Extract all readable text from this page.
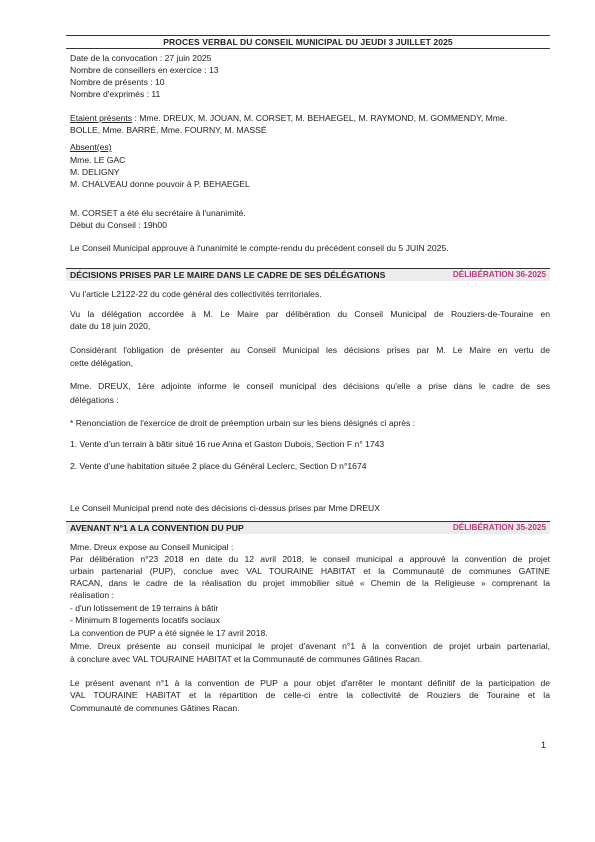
PROCES VERBAL DU CONSEIL MUNICIPAL DU JEUDI 3 JUILLET 2025
Date de la convocation : 27 juin 2025
Nombre de conseillers en exercice : 13
Nombre de présents : 10
Nombre d'exprimés : 11
Etaient présents : Mme. DREUX, M. JOUAN, M. CORSET, M. BEHAEGEL, M. RAYMOND, M. GOMMENDY, Mme.
BOLLE, Mme. BARRÉ, Mme. FOURNY, M. MASSÉ
Absent(es)
Mme. LE GAC
M. DELIGNY
M. CHALVEAU donne pouvoir à P. BEHAEGEL
M. CORSET a été élu secrétaire à l'unanimité.
Début du Conseil : 19h00
Le Conseil Municipal approuve à l'unanimité le compte-rendu du précédent conseil du 5 JUIN 2025.
DÉCISIONS PRISES PAR LE MAIRE DANS LE CADRE DE SES DÉLÉGATIONS	DÉLIBÉRATION 36-2025
Vu l'article L2122-22 du code général des collectivités territoriales.
Vu la délégation accordée à M. Le Maire par délibération du Conseil Municipal de Rouziers-de-Touraine en
date du 18 juin 2020,
Considérant l'obligation de présenter au Conseil Municipal les décisions prises par M. Le Maire en vertu de
cette délégation,
Mme. DREUX, 1ère adjointe informe le conseil municipal des décisions qu'elle a prise dans le cadre de ses
délégations :
* Renonciation de l'exercice de droit de préemption urbain sur les biens désignés ci après :
1. Vente d'un terrain à bâtir situé 16 rue Anna et Gaston Dubois, Section F n° 1743
2. Vente d'une habitation située 2 place du Général Leclerc, Section D n°1674
Le Conseil Municipal prend note des décisions ci-dessus prises par Mme DREUX
AVENANT N°1 A LA CONVENTION DU PUP	DÉLIBÉRATION 35-2025
Mme. Dreux expose au Conseil Municipal :
Par délibération n°23 2018 en date du 12 avril 2018, le conseil municipal a approuvé la convention de projet
urbain partenarial (PUP), conclue avec VAL TOURAINE HABITAT et la Communauté de communes GATINE
RACAN, dans le cadre de la réalisation du projet immobilier situé « Chemin de la Religieuse » comprenant la
réalisation :
- d'un lotissement de 19 terrains à bâtir
- Minimum 8 logements locatifs sociaux
La convention de PUP a été signée le 17 avril 2018.
Mme. Dreux présente au conseil municipal le projet d'avenant n°1 à la convention de projet urbain partenarial,
à conclure avec VAL TOURAINE HABITAT et la Communauté de communes Gâtines Racan.
Le présent avenant n°1 à la convention de PUP a pour objet d'arrêter le montant définitif de la participation de
VAL TOURAINE HABITAT et la répartition de celle-ci entre la collectivité de Rouziers de Touraine et la
Communauté de communes Gâtines Racan.
1
